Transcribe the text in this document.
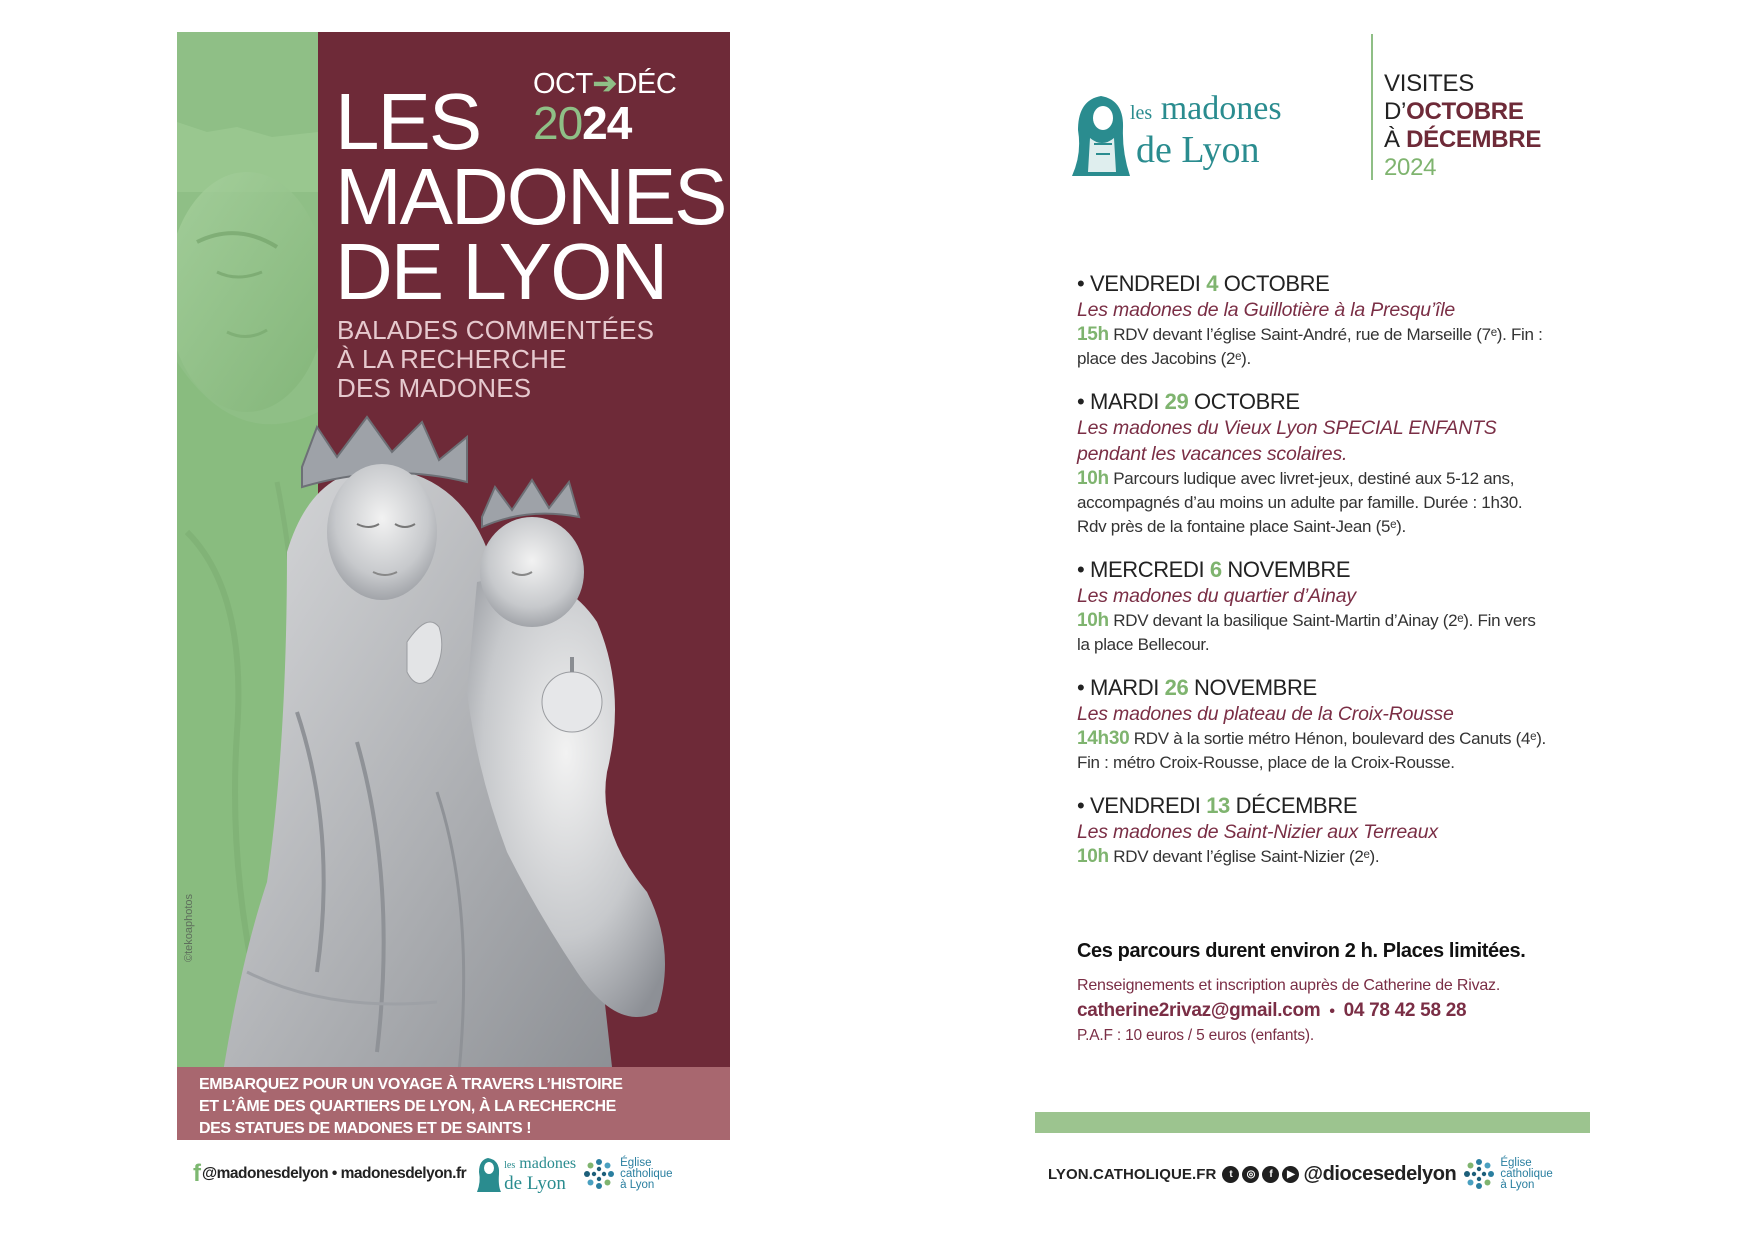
OCT➔DÉC
2024
LES
MADONES
DE LYON
BALADES COMMENTÉES
À LA RECHERCHE
DES MADONES
©tekoaphotos
EMBARQUEZ POUR UN VOYAGE À TRAVERS L’HISTOIRE
ET L’ÂME DES QUARTIERS DE LYON, À LA RECHERCHE
DES STATUES DE MADONES ET DE SAINTS !
f @madonesdelyon • madonesdelyon.fr	les madones
de Lyon
Église
catholique
à Lyon
les madones
de Lyon
VISITES
D’OCTOBRE
À DÉCEMBRE
2024
• VENDREDI 4 OCTOBRE
Les madones de la Guillotière à la Presqu’île
15h RDV devant l’église Saint-André, rue de Marseille (7ᵉ). Fin : place des Jacobins (2ᵉ).
• MARDI 29 OCTOBRE
Les madones du Vieux Lyon SPECIAL ENFANTS
pendant les vacances scolaires.
10h Parcours ludique avec livret-jeux, destiné aux 5-12 ans, accompagnés d’au moins un adulte par famille. Durée : 1h30.
Rdv près de la fontaine place Saint-Jean (5ᵉ).
• MERCREDI 6 NOVEMBRE
Les madones du quartier d’Ainay
10h RDV devant la basilique Saint-Martin d’Ainay (2ᵉ). Fin vers la place Bellecour.
• MARDI 26 NOVEMBRE
Les madones du plateau de la Croix-Rousse
14h30 RDV à la sortie métro Hénon, boulevard des Canuts (4ᵉ). Fin : métro Croix-Rousse, place de la Croix-Rousse.
• VENDREDI 13 DÉCEMBRE
Les madones de Saint-Nizier aux Terreaux
10h RDV devant l’église Saint-Nizier (2ᵉ).
Ces parcours durent environ 2 h. Places limitées.
Renseignements et inscription auprès de Catherine de Rivaz.
catherine2rivaz@gmail.com • 04 78 42 58 28
P.A.F : 10 euros / 5 euros (enfants).
LYON.CATHOLIQUE.FR	t	◎	f	▶ @diocesedelyon	Église
catholique
à Lyon
